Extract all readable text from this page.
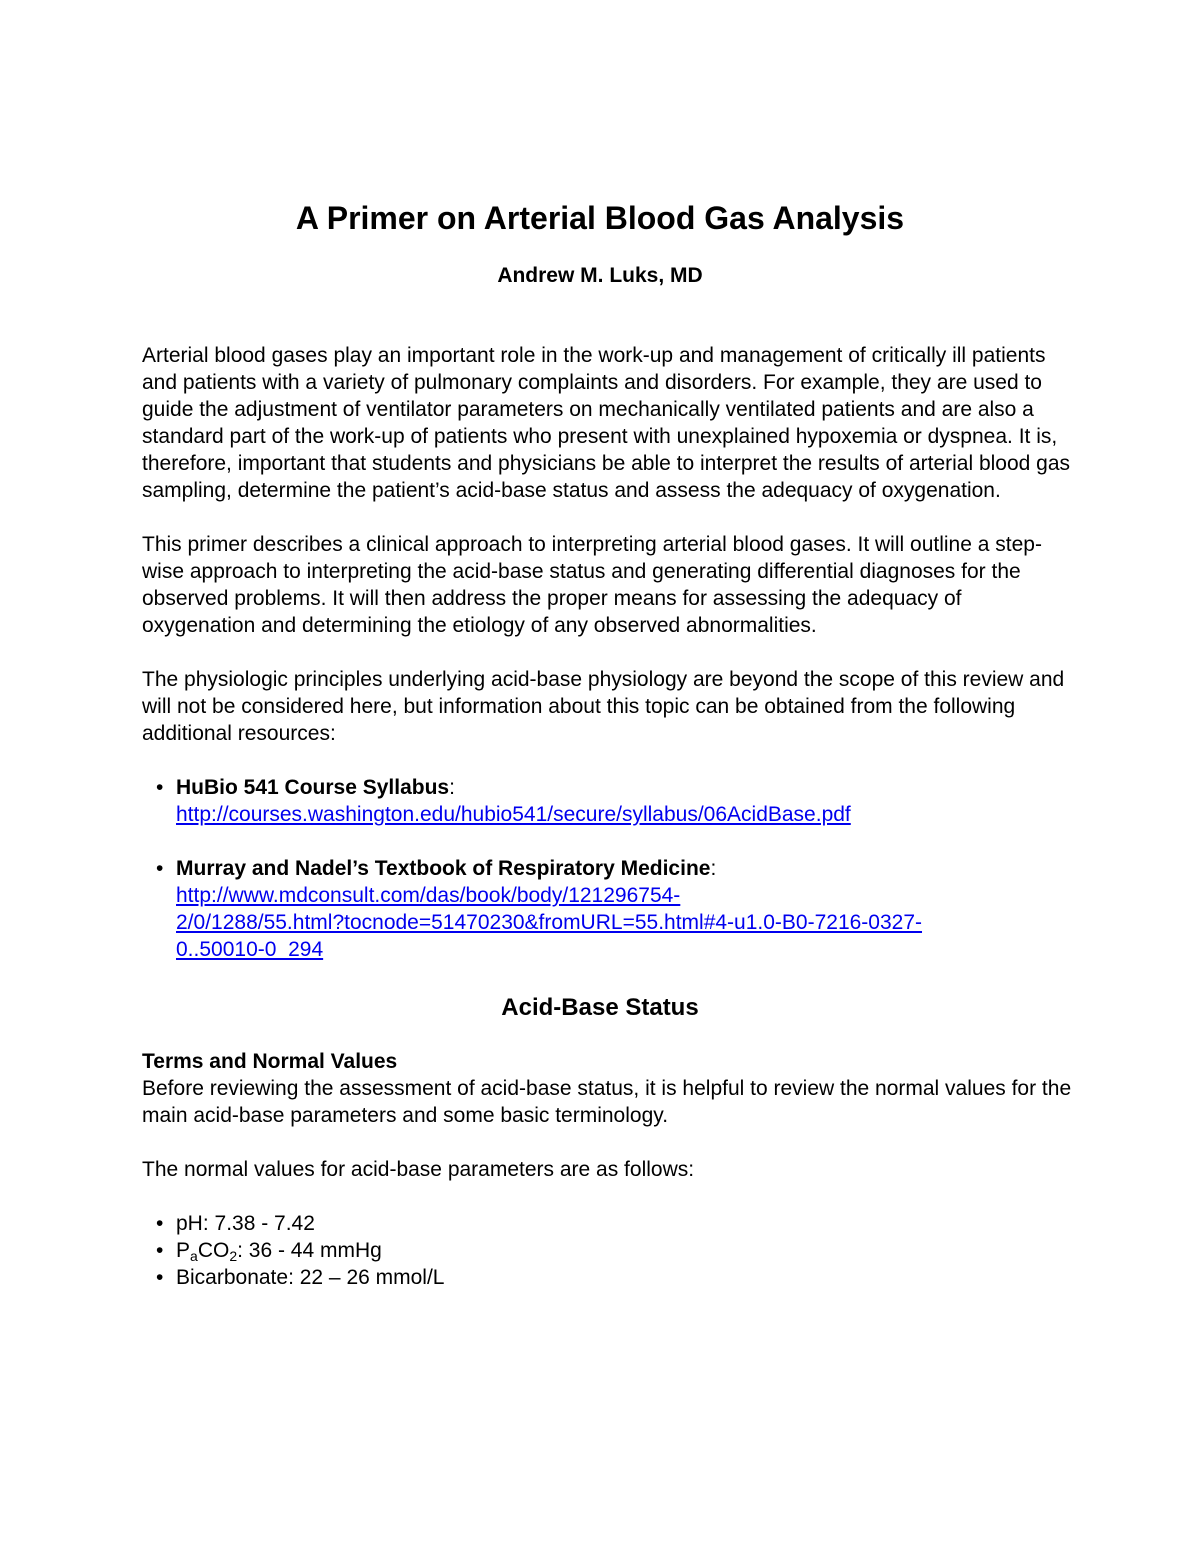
A Primer on Arterial Blood Gas Analysis

Andrew M. Luks, MD

Arterial blood gases play an important role in the work-up and management of critically ill patients and patients with a variety of pulmonary complaints and disorders. For example, they are used to guide the adjustment of ventilator parameters on mechanically ventilated patients and are also a standard part of the work-up of patients who present with unexplained hypoxemia or dyspnea. It is, therefore, important that students and physicians be able to interpret the results of arterial blood gas sampling, determine the patient’s acid-base status and assess the adequacy of oxygenation.

This primer describes a clinical approach to interpreting arterial blood gases. It will outline a step-wise approach to interpreting the acid-base status and generating differential diagnoses for the observed problems. It will then address the proper means for assessing the adequacy of oxygenation and determining the etiology of any observed abnormalities.

The physiologic principles underlying acid-base physiology are beyond the scope of this review and will not be considered here, but information about this topic can be obtained from the following additional resources:

• HuBio 541 Course Syllabus:
http://courses.washington.edu/hubio541/secure/syllabus/06AcidBase.pdf
• Murray and Nadel’s Textbook of Respiratory Medicine:
http://www.mdconsult.com/das/book/body/121296754-
2/0/1288/55.html?tocnode=51470230&fromURL=55.html#4-u1.0-B0-7216-0327-
0..50010-0_294
Acid-Base Status
Terms and Normal Values

Before reviewing the assessment of acid-base status, it is helpful to review the normal values for the main acid-base parameters and some basic terminology.

The normal values for acid-base parameters are as follows:

• pH: 7.38 - 7.42
• $P_aCO_2$: 36 - 44 mmHg
• Bicarbonate: 22 – 26 mmol/L
